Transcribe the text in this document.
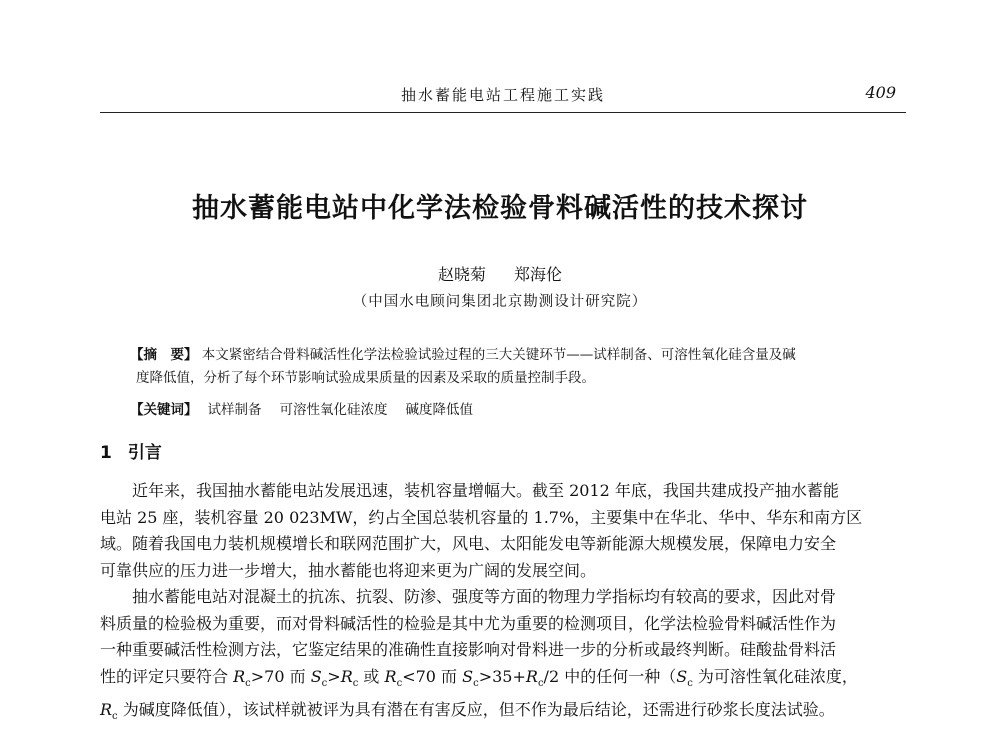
抽水蓄能电站工程施工实践	409
抽水蓄能电站中化学法检验骨料碱活性的技术探讨
赵晓菊 郑海伦
（中国水电顾问集团北京勘测设计研究院）
【摘　要】 本文紧密结合骨料碱活性化学法检验试验过程的三大关键环节——试样制备、可溶性氧化硅含量及碱
度降低值，分析了每个环节影响试验成果质量的因素及采取的质量控制手段。
【关键词】 试样制备 可溶性氧化硅浓度 碱度降低值
1 引言

近年来，我国抽水蓄能电站发展迅速，装机容量增幅大。截至 2012 年底，我国共建成投产抽水蓄能
电站 25 座，装机容量 20 023MW，约占全国总装机容量的 1.7%，主要集中在华北、华中、华东和南方区
域。随着我国电力装机规模增长和联网范围扩大，风电、太阳能发电等新能源大规模发展，保障电力安全
可靠供应的压力进一步增大，抽水蓄能也将迎来更为广阔的发展空间。

抽水蓄能电站对混凝土的抗冻、抗裂、防渗、强度等方面的物理力学指标均有较高的要求，因此对骨
料质量的检验极为重要，而对骨料碱活性的检验是其中尤为重要的检测项目，化学法检验骨料碱活性作为
一种重要碱活性检测方法，它鉴定结果的准确性直接影响对骨料进一步的分析或最终判断。硅酸盐骨料活
性的评定只要符合 $R_c>70$ 而 $S_c>R_c$ 或 $R_c<70$ 而 $S_c>35+R_c/2$ 中的任何一种（$S_c$ 为可溶性氧化硅浓度，
$R_c$ 为碱度降低值），该试样就被评为具有潜在有害反应，但不作为最后结论，还需进行砂浆长度法试验。
